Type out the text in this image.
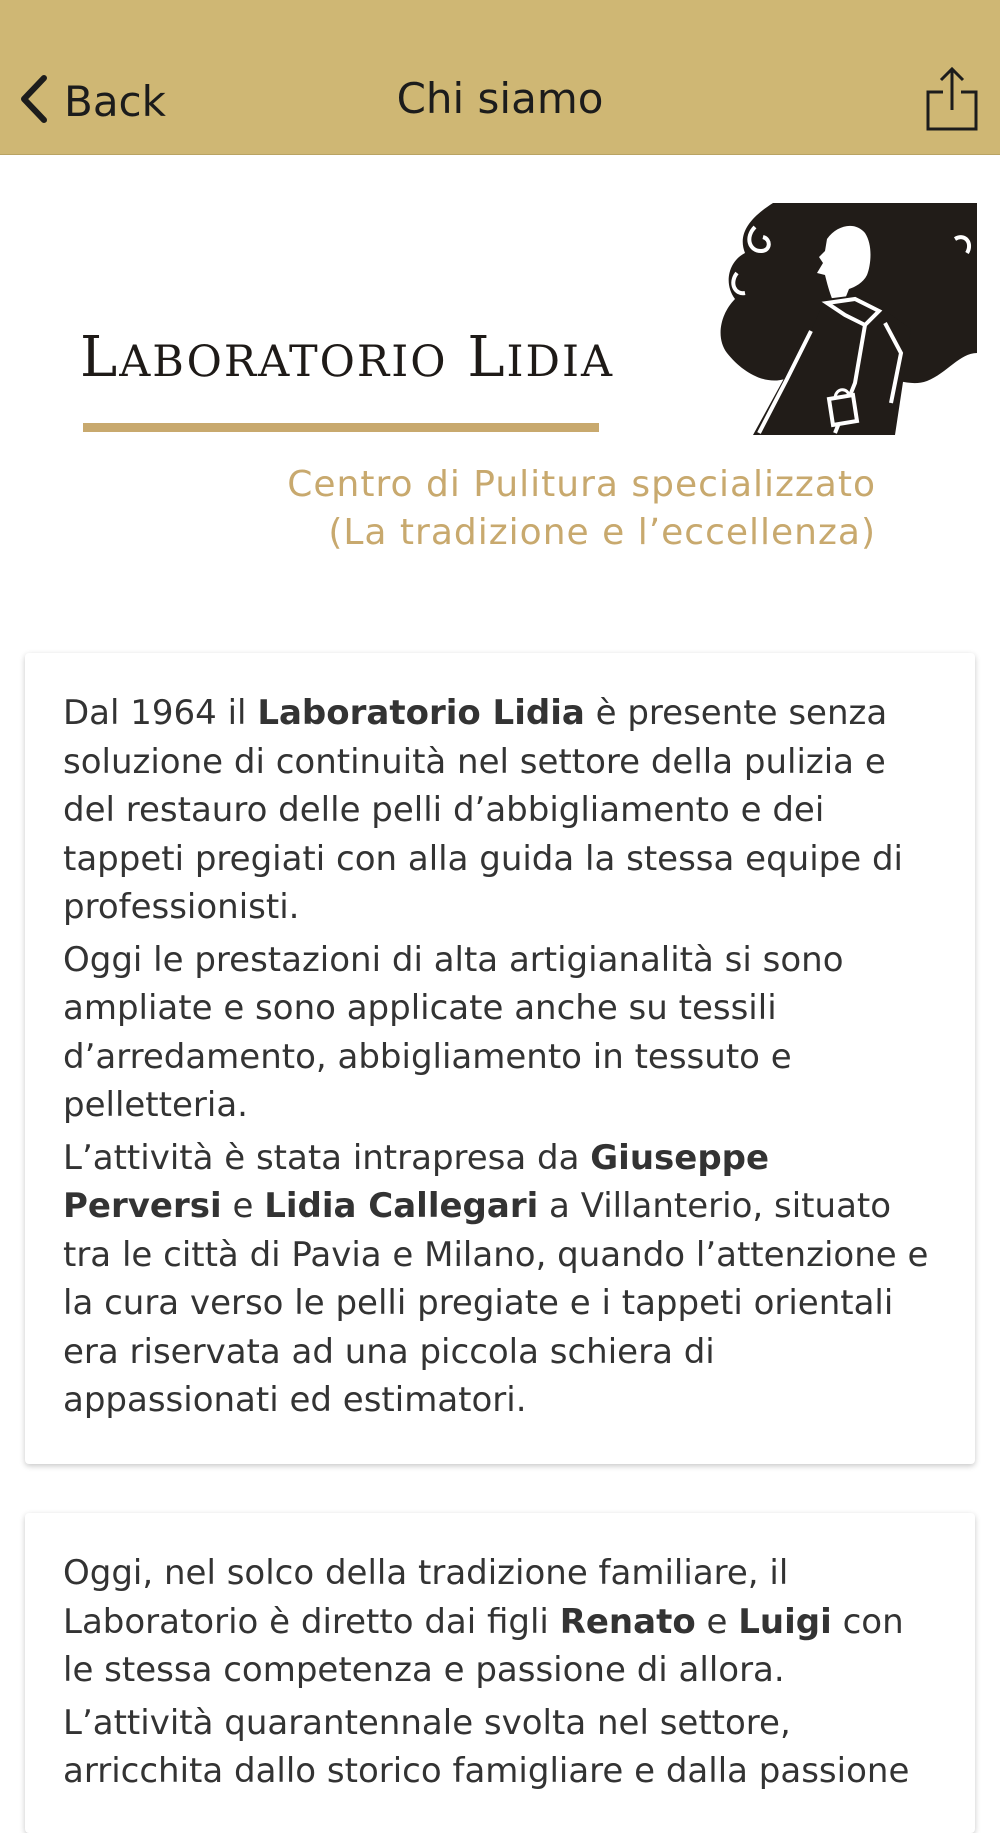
Back	Chi siamo
LABORATORIO LIDIA
Centro di Pulitura specializzato
(La tradizione e l’eccellenza)

Dal 1964 il Laboratorio Lidia è presente senza soluzione di continuità nel settore della pulizia e del restauro delle pelli d’abbigliamento e dei tappeti pregiati con alla guida la stessa equipe di professionisti.

Oggi le prestazioni di alta artigianalità si sono ampliate e sono applicate anche su tessili d’arredamento, abbigliamento in tessuto e pelletteria.

L’attività è stata intrapresa da Giuseppe Perversi e Lidia Callegari a Villanterio, situato tra le città di Pavia e Milano, quando l’attenzione e la cura verso le pelli pregiate e i tappeti orientali era riservata ad una piccola schiera di appassionati ed estimatori.

Oggi, nel solco della tradizione familiare, il Laboratorio è diretto dai figli Renato e Luigi con le stessa competenza e passione di allora.

L’attività quarantennale svolta nel settore, arricchita dallo storico famigliare e dalla passione
